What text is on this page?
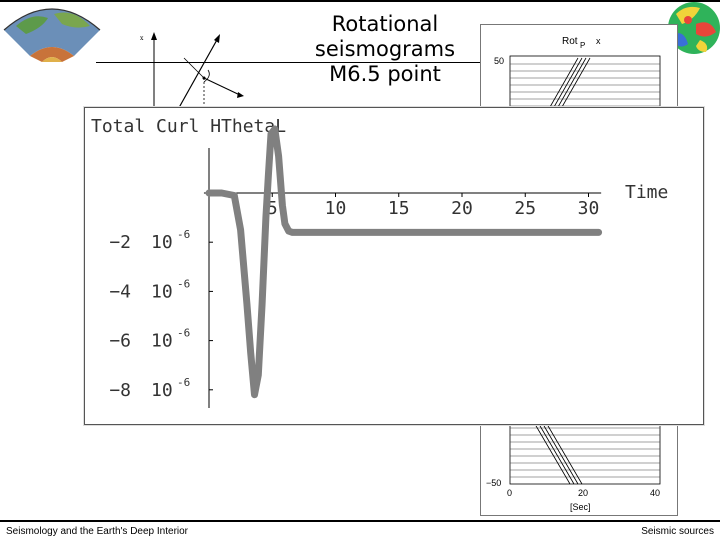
Rotational seismograms M6.5 point
x	Rot P x
50
−50
0	20	40
[Sec]
Total Curl HThetaL
Time
5	10 15 20 25 30
−2 10 -6
−4 10 -6
−6 10 -6
−8 10 -6
Seismology and the Earth's Deep Interior	Seismic sources
